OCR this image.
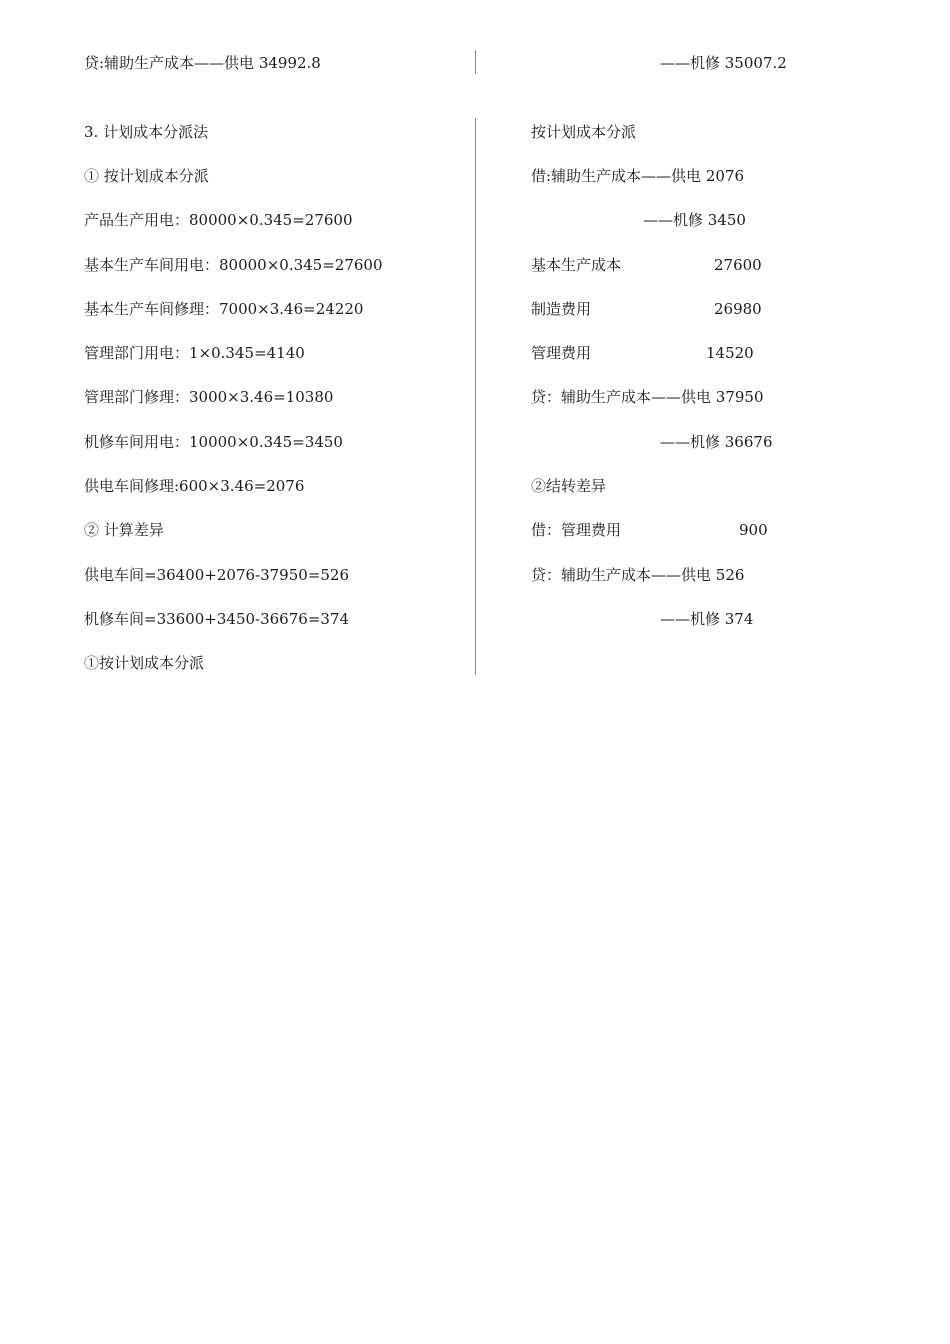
贷:辅助生产成本——供电 34992.8	——机修 35007.2
3. 计划成本分派法
① 按计划成本分派
产品生产用电：80000×0.345=27600
基本生产车间用电：80000×0.345=27600
基本生产车间修理：7000×3.46=24220
管理部门用电：1×0.345=4140
管理部门修理：3000×3.46=10380
机修车间用电：10000×0.345=3450
供电车间修理:600×3.46=2076
② 计算差异
供电车间=36400+2076-37950=526
机修车间=33600+3450-36676=374
①按计划成本分派
按计划成本分派
借:辅助生产成本——供电 2076
——机修 3450
基本生产成本	27600
制造费用	26980
管理费用	14520
贷：辅助生产成本——供电 37950
——机修 36676
②结转差异
借：管理费用	900
贷：辅助生产成本——供电 526
——机修 374
